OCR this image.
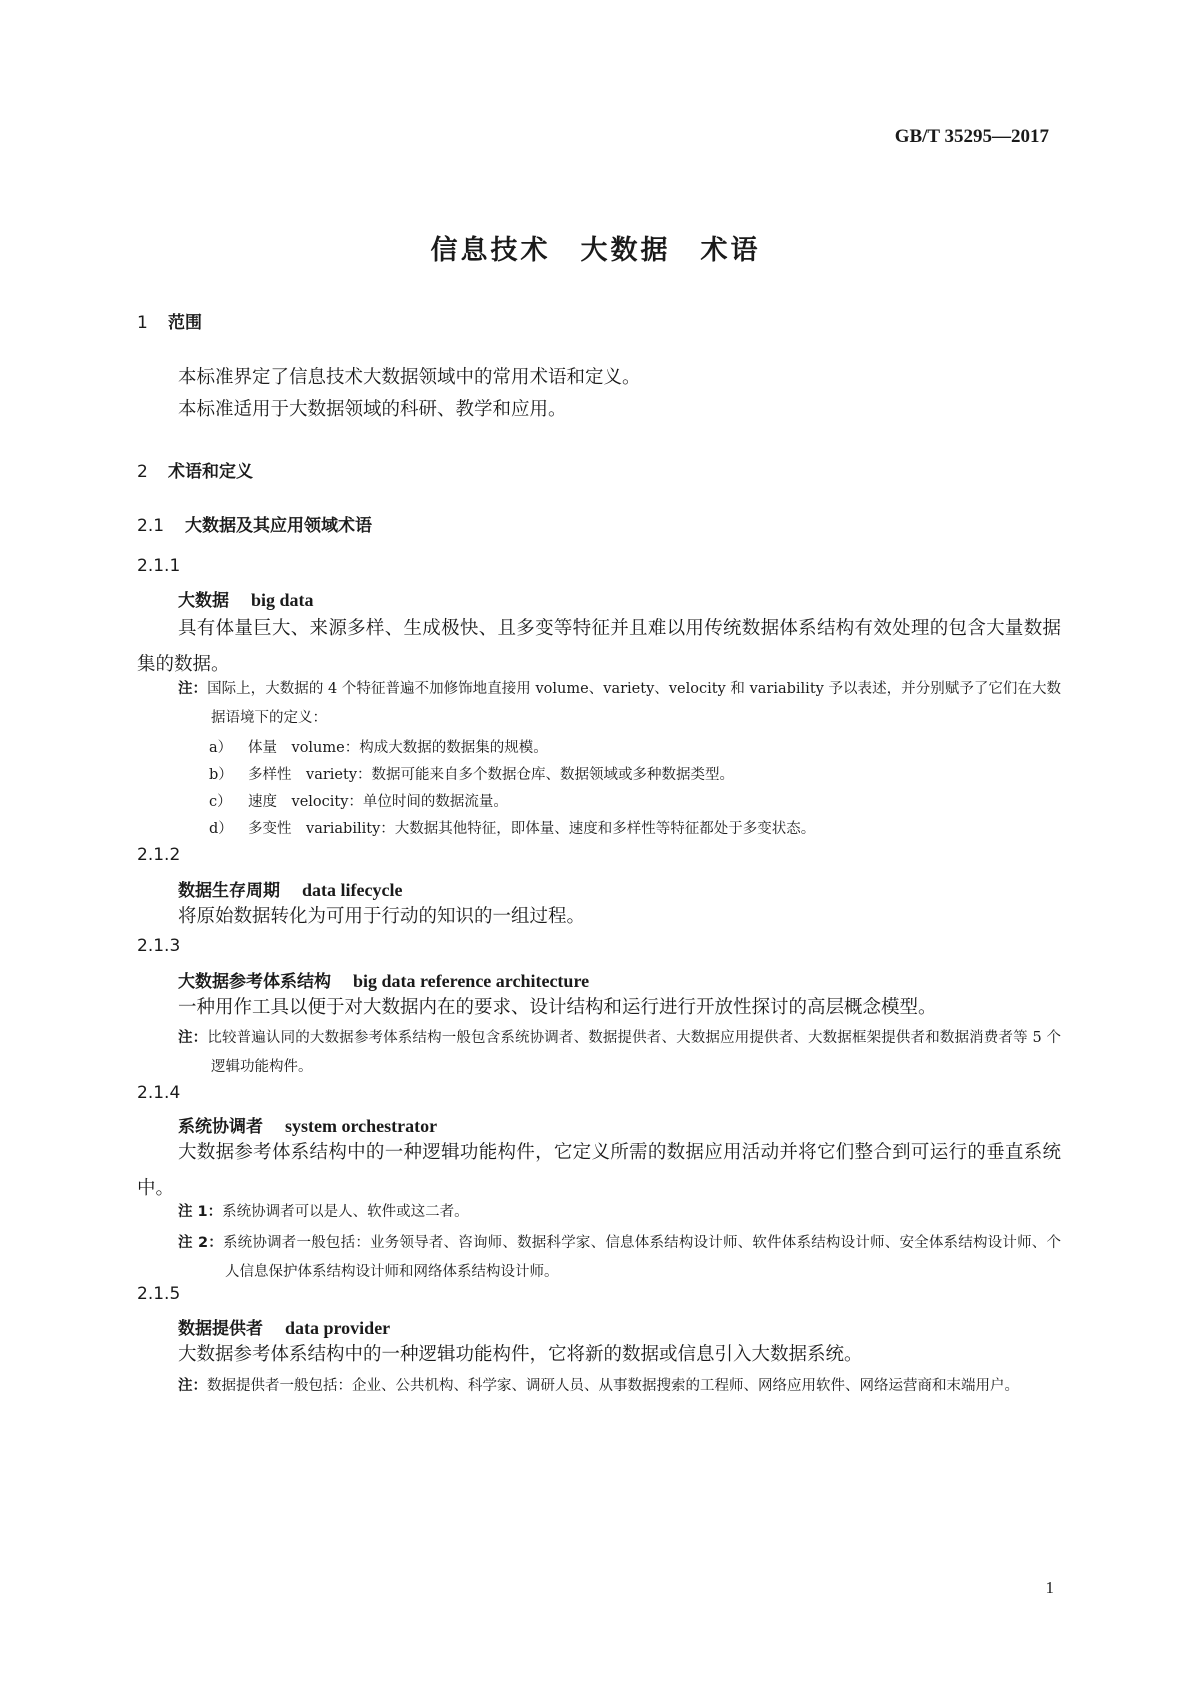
GB/T 35295—2017
信息技术　大数据　术语
1 范围
本标准界定了信息技术大数据领域中的常用术语和定义。
本标准适用于大数据领域的科研、教学和应用。
2 术语和定义
2.1 大数据及其应用领域术语
2.1.1
大数据 big data
具有体量巨大、来源多样、生成极快、且多变等特征并且难以用传统数据体系结构有效处理的包含大量数据集的数据。
注：国际上，大数据的 4 个特征普遍不加修饰地直接用 volume、variety、velocity 和 variability 予以表述，并分别赋予了它们在大数据语境下的定义：
a） 体量　volume：构成大数据的数据集的规模。
b） 多样性　variety：数据可能来自多个数据仓库、数据领域或多种数据类型。
c） 速度　velocity：单位时间的数据流量。
d） 多变性　variability：大数据其他特征，即体量、速度和多样性等特征都处于多变状态。
2.1.2
数据生存周期 data lifecycle
将原始数据转化为可用于行动的知识的一组过程。
2.1.3
大数据参考体系结构 big data reference architecture
一种用作工具以便于对大数据内在的要求、设计结构和运行进行开放性探讨的高层概念模型。
注：比较普遍认同的大数据参考体系结构一般包含系统协调者、数据提供者、大数据应用提供者、大数据框架提供者和数据消费者等 5 个逻辑功能构件。
2.1.4
系统协调者 system orchestrator
大数据参考体系结构中的一种逻辑功能构件，它定义所需的数据应用活动并将它们整合到可运行的垂直系统中。
注 1：系统协调者可以是人、软件或这二者。
注 2：系统协调者一般包括：业务领导者、咨询师、数据科学家、信息体系结构设计师、软件体系结构设计师、安全体系结构设计师、个人信息保护体系结构设计师和网络体系结构设计师。
2.1.5
数据提供者 data provider
大数据参考体系结构中的一种逻辑功能构件，它将新的数据或信息引入大数据系统。
注：数据提供者一般包括：企业、公共机构、科学家、调研人员、从事数据搜索的工程师、网络应用软件、网络运营商和末端用户。
1
